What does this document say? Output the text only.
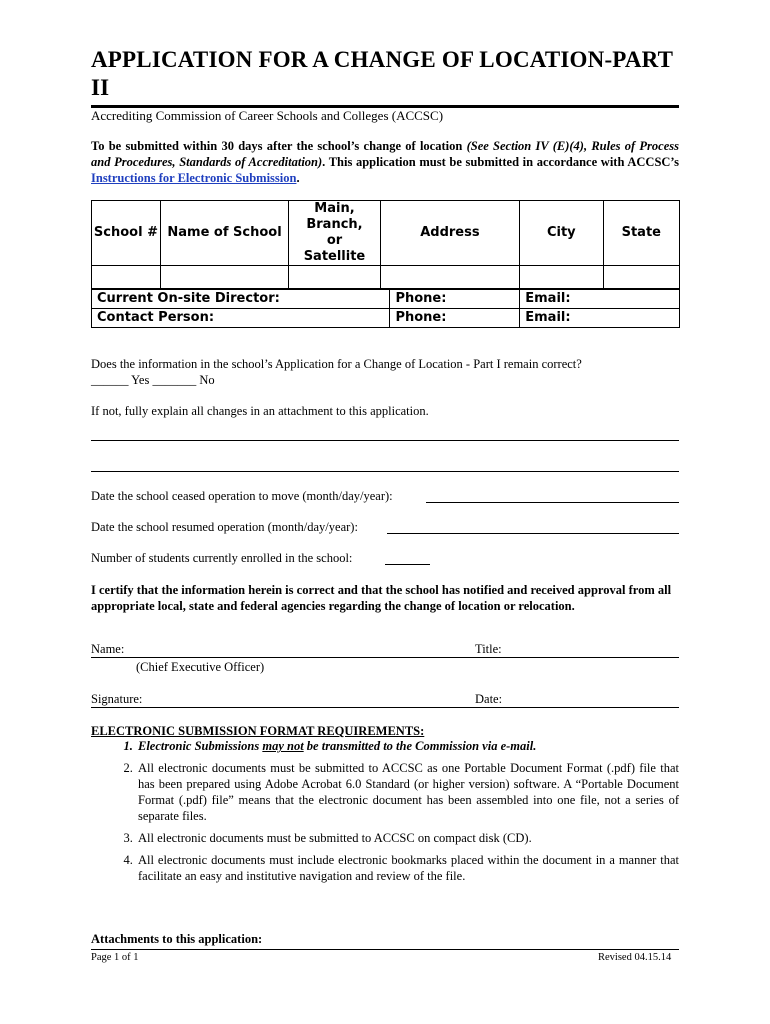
APPLICATION FOR A CHANGE OF LOCATION-PART II
Accrediting Commission of Career Schools and Colleges (ACCSC)
To be submitted within 30 days after the school’s change of location (See Section IV (E)(4), Rules of Process and Procedures, Standards of Accreditation). This application must be submitted in accordance with ACCSC’s Instructions for Electronic Submission.
School #	Name of School	Main, Branch, or Satellite	Address	City	State

Current On-site Director:	Phone:	Email:
Contact Person:	Phone:	Email:
Does the information in the school’s Application for a Change of Location - Part I remain correct?
______ Yes _______ No
If not, fully explain all changes in an attachment to this application.
Date the school ceased operation to move (month/day/year):
Date the school resumed operation (month/day/year):
Number of students currently enrolled in the school:
I certify that the information herein is correct and that the school has notified and received approval from all appropriate local, state and federal agencies regarding the change of location or relocation.
Name:	Title:
(Chief Executive Officer)
Signature:	Date:
ELECTRONIC SUBMISSION FORMAT REQUIREMENTS:
1. Electronic Submissions may not be transmitted to the Commission via e-mail.
2. All electronic documents must be submitted to ACCSC as one Portable Document Format (.pdf) file that has been prepared using Adobe Acrobat 6.0 Standard (or higher version) software. A “Portable Document Format (.pdf) file” means that the electronic document has been assembled into one file, not a series of separate files.
3. All electronic documents must be submitted to ACCSC on compact disk (CD).
4. All electronic documents must include electronic bookmarks placed within the document in a manner that facilitate an easy and institutive navigation and review of the file.
Attachments to this application:
Page 1 of 1	Revised 04.15.14
